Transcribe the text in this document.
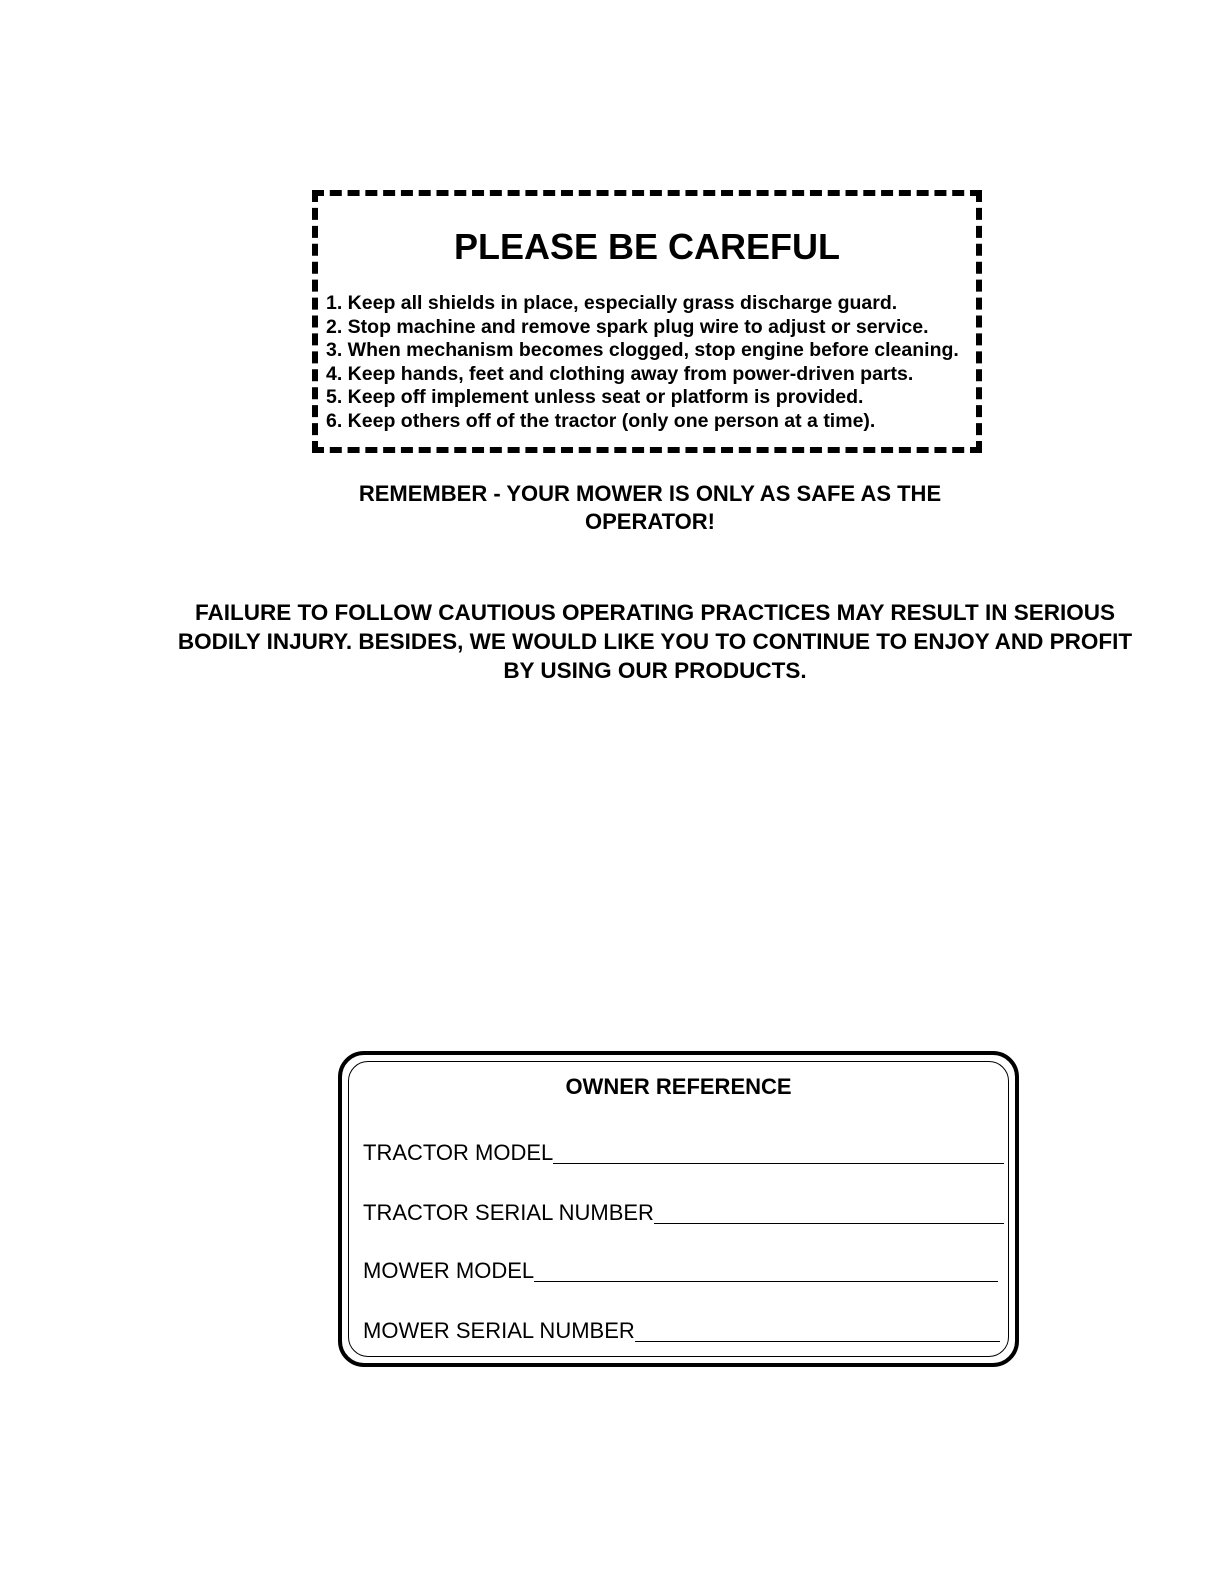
PLEASE BE CAREFUL
1. Keep all shields in place, especially grass discharge guard.
2. Stop machine and remove spark plug wire to adjust or service.
3. When mechanism becomes clogged, stop engine before cleaning.
4. Keep hands, feet and clothing away from power-driven parts.
5. Keep off implement unless seat or platform is provided.
6. Keep others off of the tractor (only one person at a time).
REMEMBER - YOUR MOWER IS ONLY AS SAFE AS THE
OPERATOR!
FAILURE TO FOLLOW CAUTIOUS OPERATING PRACTICES MAY RESULT IN SERIOUS
BODILY INJURY. BESIDES, WE WOULD LIKE YOU TO CONTINUE TO ENJOY AND PROFIT
BY USING OUR PRODUCTS.
OWNER REFERENCE
TRACTOR MODEL
TRACTOR SERIAL NUMBER
MOWER MODEL
MOWER SERIAL NUMBER
